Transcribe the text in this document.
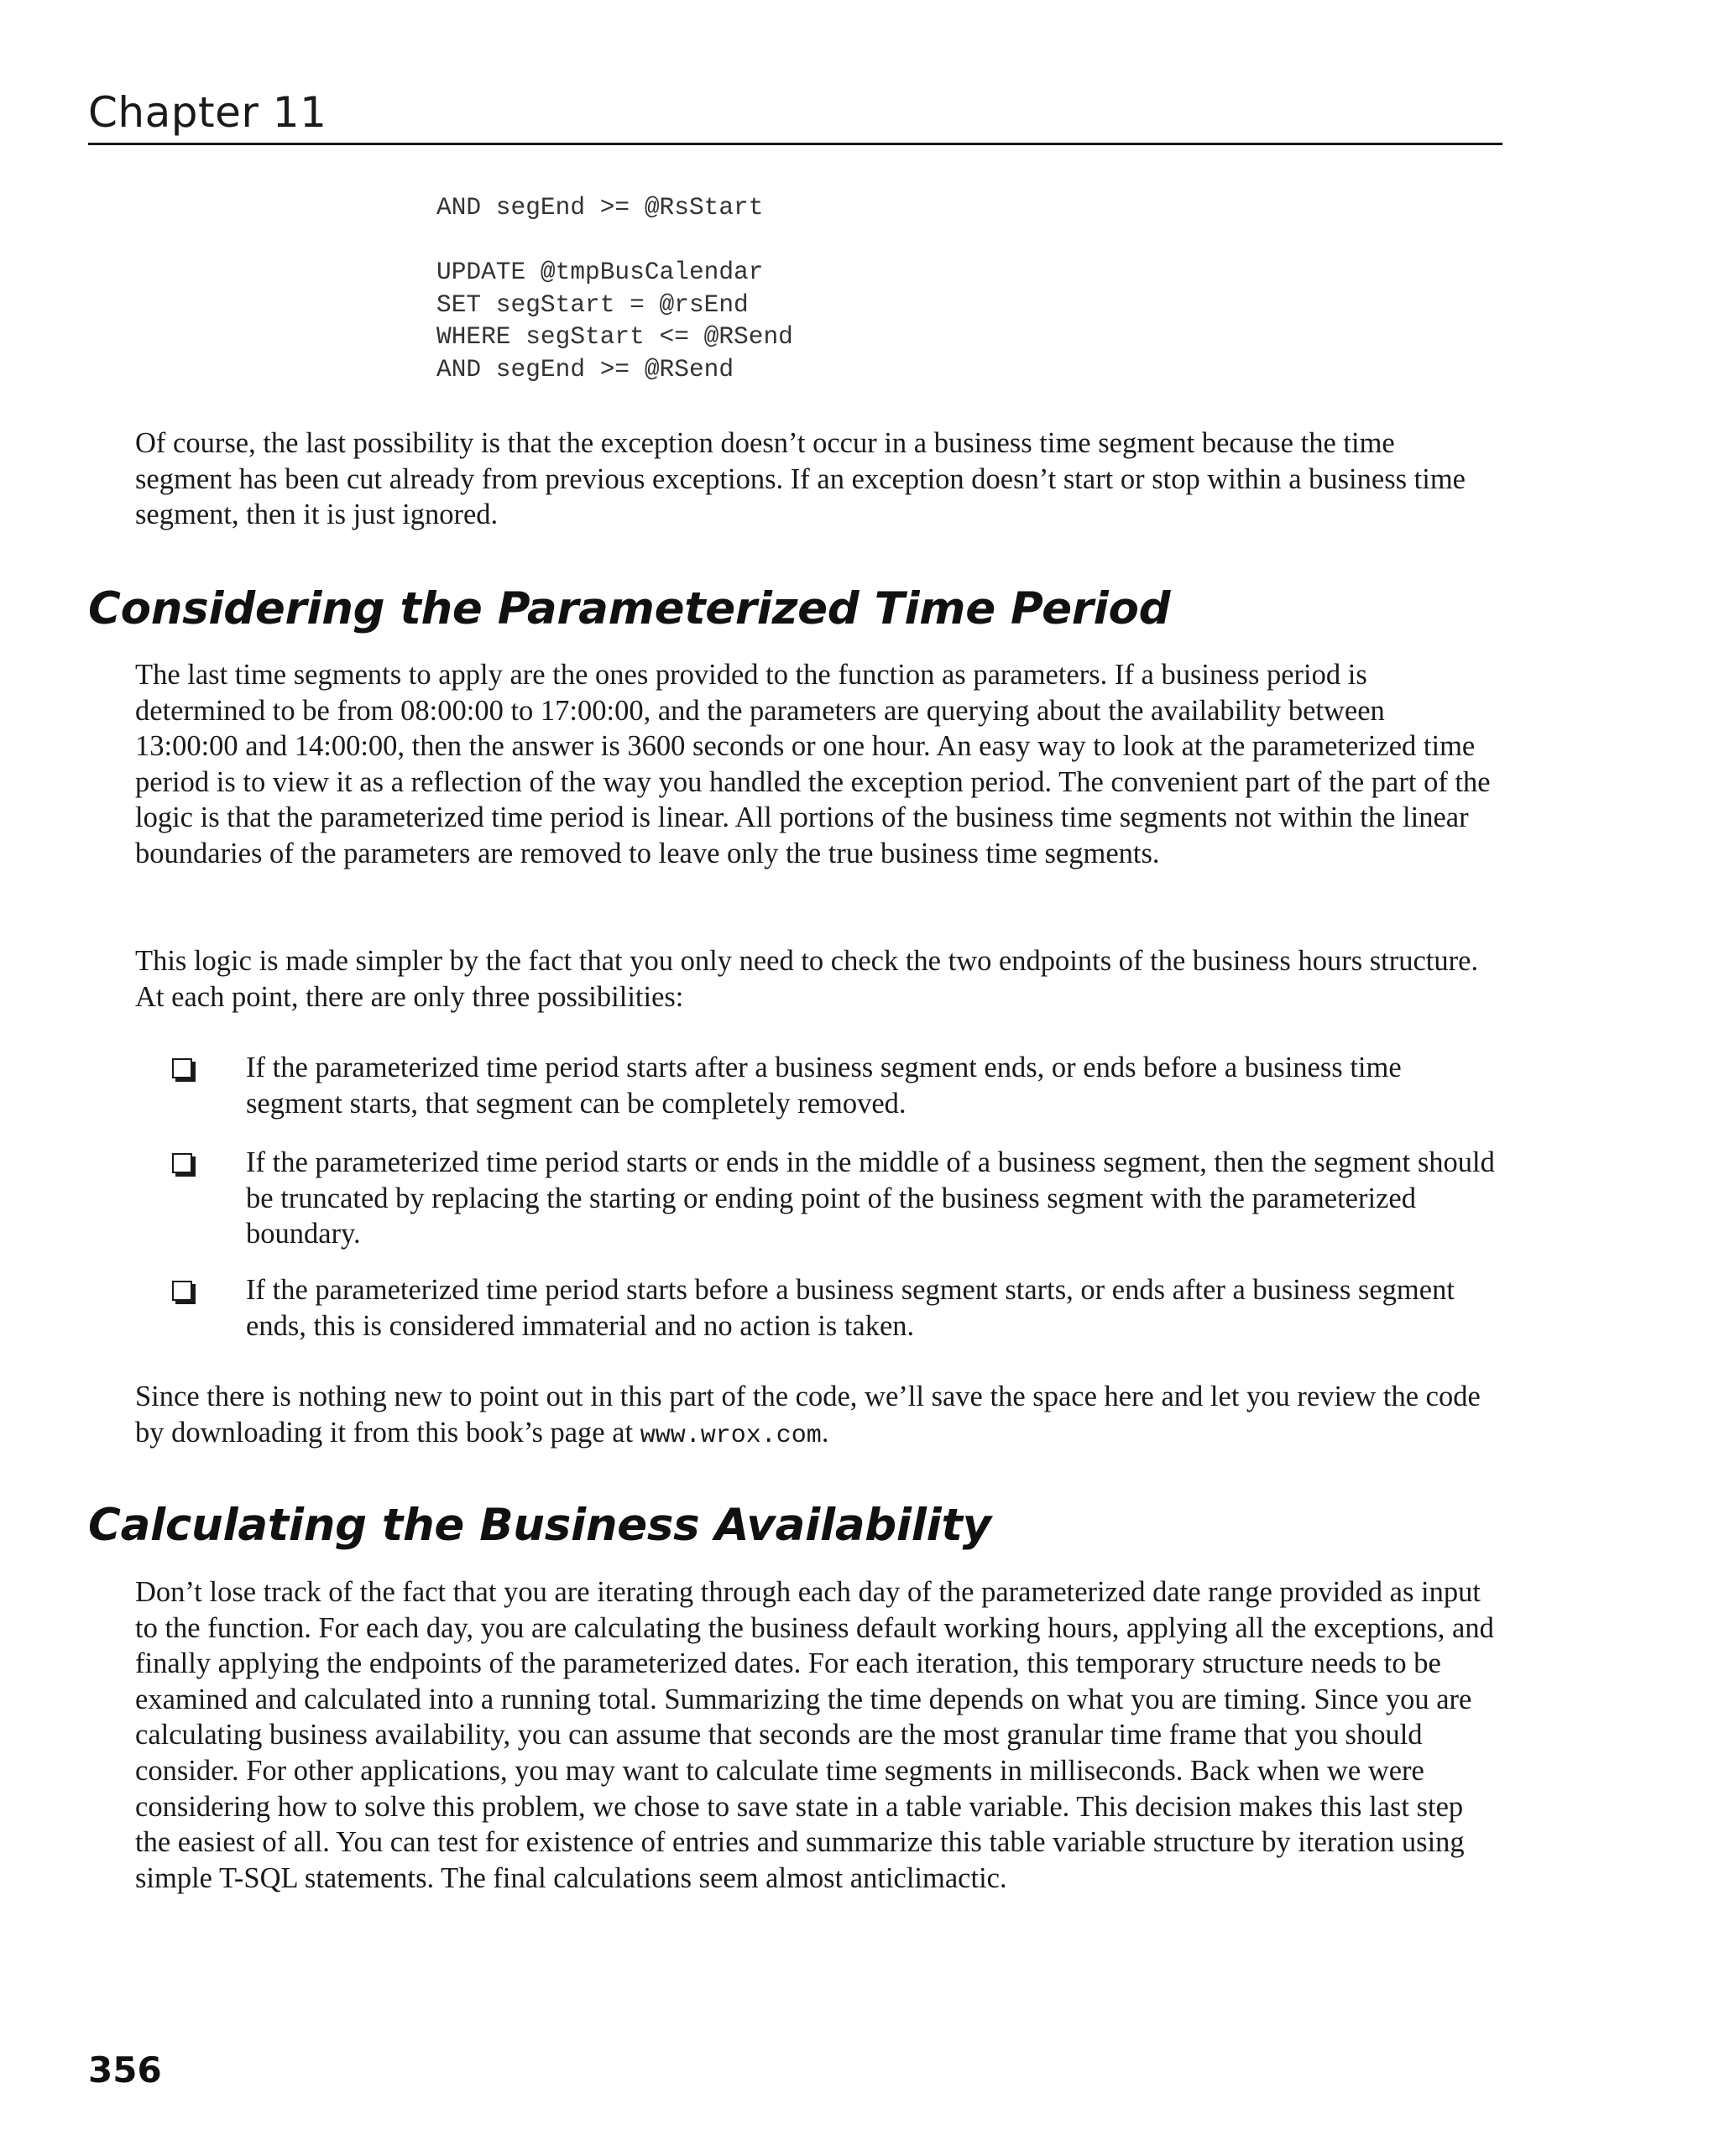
Chapter 11
AND segEnd >= @RsStart
UPDATE @tmpBusCalendar
SET segStart = @rsEnd
WHERE segStart <= @RSend
AND segEnd >= @RSend

Of course, the last possibility is that the exception doesn’t occur in a business time segment because the time segment has been cut already from previous exceptions. If an exception doesn’t start or stop within a business time segment, then it is just ignored.

Considering the Parameterized Time Period

The last time segments to apply are the ones provided to the function as parameters. If a business period is determined to be from 08:00:00 to 17:00:00, and the parameters are querying about the availability between 13:00:00 and 14:00:00, then the answer is 3600 seconds or one hour. An easy way to look at the parameterized time period is to view it as a reflection of the way you handled the exception period. The convenient part of the part of the logic is that the parameterized time period is linear. All portions of the business time segments not within the linear boundaries of the parameters are removed to leave only the true business time segments.

This logic is made simpler by the fact that you only need to check the two endpoints of the business hours structure. At each point, there are only three possibilities:

If the parameterized time period starts after a business segment ends, or ends before a business time segment starts, that segment can be completely removed.

If the parameterized time period starts or ends in the middle of a business segment, then the segment should be truncated by replacing the starting or ending point of the business segment with the parameterized boundary.

If the parameterized time period starts before a business segment starts, or ends after a business segment ends, this is considered immaterial and no action is taken.

Since there is nothing new to point out in this part of the code, we’ll save the space here and let you review the code by downloading it from this book’s page at www.wrox.com.

Calculating the Business Availability

Don’t lose track of the fact that you are iterating through each day of the parameterized date range provided as input to the function. For each day, you are calculating the business default working hours, applying all the exceptions, and finally applying the endpoints of the parameterized dates. For each iteration, this temporary structure needs to be examined and calculated into a running total. Summarizing the time depends on what you are timing. Since you are calculating business availability, you can assume that seconds are the most granular time frame that you should consider. For other applications, you may want to calculate time segments in milliseconds. Back when we were considering how to solve this problem, we chose to save state in a table variable. This decision makes this last step the easiest of all. You can test for existence of entries and summarize this table variable structure by iteration using simple T-SQL statements. The final calculations seem almost anticlimactic.

356
